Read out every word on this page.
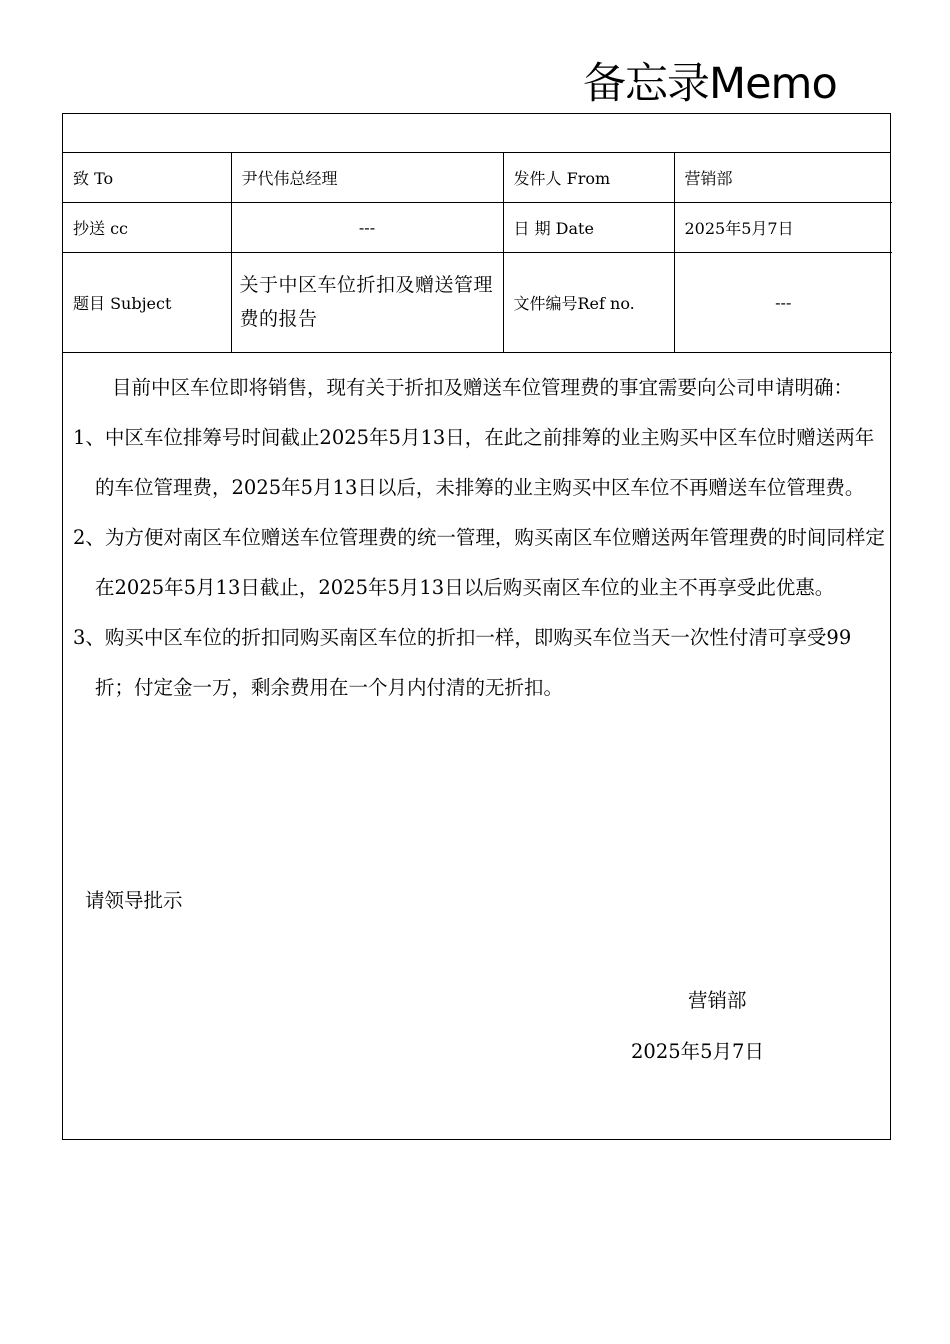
备忘录Memo
致 To	尹代伟总经理	发件人 From	营销部
抄送 cc	---	日 期 Date	2025年5月7日
题目 Subject	关于中区车位折扣及赠送管理费的报告	文件编号Ref no.	---

目前中区车位即将销售，现有关于折扣及赠送车位管理费的事宜需要向公司申请明确：

1、中区车位排筹号时间截止2025年5月13日，在此之前排筹的业主购买中区车位时赠送两年的车位管理费，2025年5月13日以后，未排筹的业主购买中区车位不再赠送车位管理费。

2、为方便对南区车位赠送车位管理费的统一管理，购买南区车位赠送两年管理费的时间同样定在2025年5月13日截止，2025年5月13日以后购买南区车位的业主不再享受此优惠。

3、购买中区车位的折扣同购买南区车位的折扣一样，即购买车位当天一次性付清可享受99折；付定金一万，剩余费用在一个月内付清的无折扣。

请领导批示
营销部
2025年5月7日
